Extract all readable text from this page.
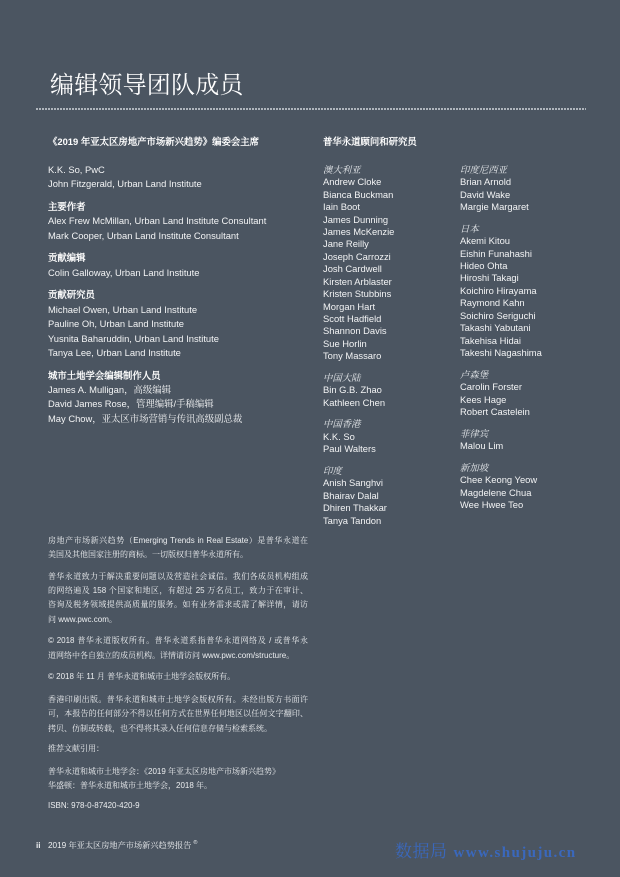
编辑领导团队成员
《2019 年亚太区房地产市场新兴趋势》编委会主席
K.K. So, PwC
John Fitzgerald, Urban Land Institute
主要作者
Alex Frew McMillan, Urban Land Institute Consultant
Mark Cooper, Urban Land Institute Consultant
贡献编辑
Colin Galloway, Urban Land Institute
贡献研究员
Michael Owen, Urban Land Institute
Pauline Oh, Urban Land Institute
Yusnita Baharuddin, Urban Land Institute
Tanya Lee, Urban Land Institute
城市土地学会编辑制作人员
James A. Mulligan，高级编辑
David James Rose，管理编辑/手稿编辑
May Chow，亚太区市场营销与传讯高级副总裁
普华永道顾问和研究员
澳大利亚
Andrew Cloke
Bianca Buckman
Iain Boot
James Dunning
James McKenzie
Jane Reilly
Joseph Carrozzi
Josh Cardwell
Kirsten Arblaster
Kristen Stubbins
Morgan Hart
Scott Hadfield
Shannon Davis
Sue Horlin
Tony Massaro
中国大陆
Bin G.B. Zhao
Kathleen Chen
中国香港
K.K. So
Paul Walters
印度
Anish Sanghvi
Bhairav Dalal
Dhiren Thakkar
Tanya Tandon
印度尼西亚
Brian Arnold
David Wake
Margie Margaret
日本
Akemi Kitou
Eishin Funahashi
Hideo Ohta
Hiroshi Takagi
Koichiro Hirayama
Raymond Kahn
Soichiro Seriguchi
Takashi Yabutani
Takehisa Hidai
Takeshi Nagashima
卢森堡
Carolin Forster
Kees Hage
Robert Castelein
菲律宾
Malou Lim
新加坡
Chee Keong Yeow
Magdelene Chua
Wee Hwee Teo
房地产市场新兴趋势（Emerging Trends in Real Estate）是普华永道在
美国及其他国家注册的商标。一切版权归普华永道所有。
普华永道致力于解决重要问题以及营造社会诚信。我们各成员机构组成
的网络遍及 158 个国家和地区，有超过 25 万名员工，致力于在审计、
咨询及税务领域提供高质量的服务。如有业务需求或需了解详情，请访
问 www.pwc.com。
© 2018 普华永道版权所有。普华永道系指普华永道网络及 / 或普华永
道网络中各自独立的成员机构。详情请访问 www.pwc.com/structure。
© 2018 年 11 月 普华永道和城市土地学会版权所有。
香港印刷出版。普华永道和城市土地学会版权所有。未经出版方书面许
可，本报告的任何部分不得以任何方式在世界任何地区以任何文字翻印、
拷贝、仿制或转载，也不得将其录入任何信息存储与检索系统。
推荐文献引用：
普华永道和城市土地学会：《2019 年亚太区房地产市场新兴趋势》
华盛顿：普华永道和城市土地学会，2018 年。
ISBN: 978-0-87420-420-9
ii 2019 年亚太区房地产市场新兴趋势报告 ®	数据局 www.shujuju.cn
